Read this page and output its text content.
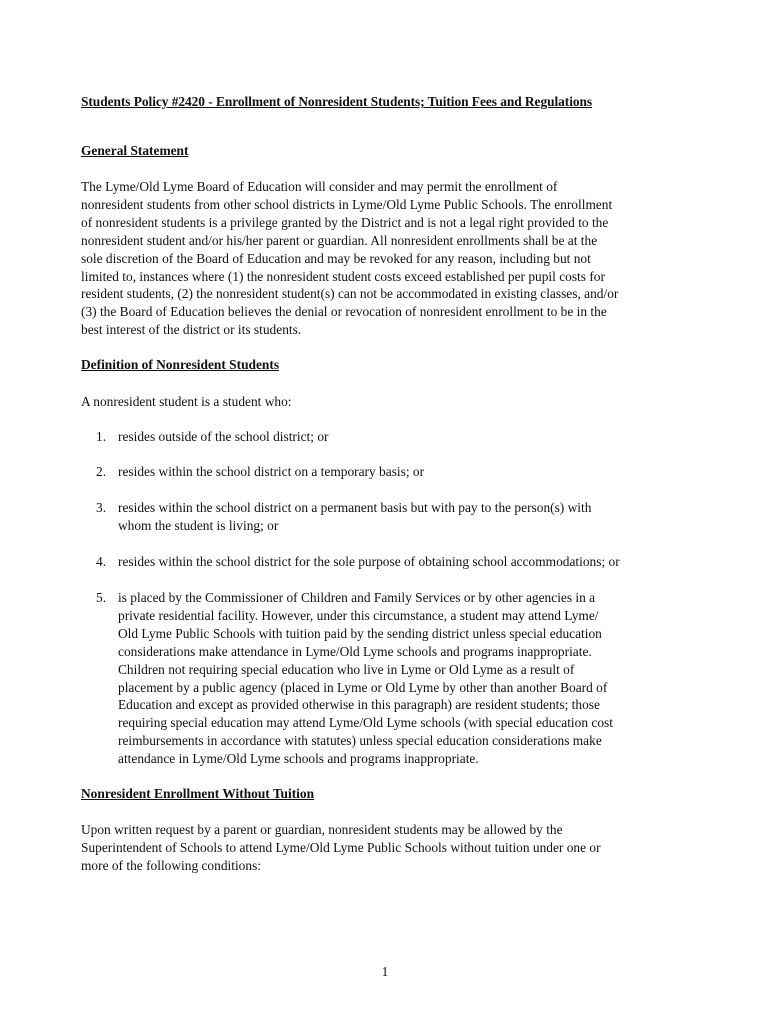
Students Policy #2420 - Enrollment of Nonresident Students; Tuition Fees and Regulations
General Statement
The Lyme/Old Lyme Board of Education will consider and may permit the enrollment of
nonresident students from other school districts in Lyme/Old Lyme Public Schools. The enrollment
of nonresident students is a privilege granted by the District and is not a legal right provided to the
nonresident student and/or his/her parent or guardian. All nonresident enrollments shall be at the
sole discretion of the Board of Education and may be revoked for any reason, including but not
limited to, instances where (1) the nonresident student costs exceed established per pupil costs for
resident students, (2) the nonresident student(s) can not be accommodated in existing classes, and/or
(3) the Board of Education believes the denial or revocation of nonresident enrollment to be in the
best interest of the district or its students.
Definition of Nonresident Students
A nonresident student is a student who:
1. resides outside of the school district; or
2. resides within the school district on a temporary basis; or
3. resides within the school district on a permanent basis but with pay to the person(s) with
whom the student is living; or
4. resides within the school district for the sole purpose of obtaining school accommodations; or
5. is placed by the Commissioner of Children and Family Services or by other agencies in a
private residential facility. However, under this circumstance, a student may attend Lyme/
Old Lyme Public Schools with tuition paid by the sending district unless special education
considerations make attendance in Lyme/Old Lyme schools and programs inappropriate.
Children not requiring special education who live in Lyme or Old Lyme as a result of
placement by a public agency (placed in Lyme or Old Lyme by other than another Board of
Education and except as provided otherwise in this paragraph) are resident students; those
requiring special education may attend Lyme/Old Lyme schools (with special education cost
reimbursements in accordance with statutes) unless special education considerations make
attendance in Lyme/Old Lyme schools and programs inappropriate.
Nonresident Enrollment Without Tuition
Upon written request by a parent or guardian, nonresident students may be allowed by the
Superintendent of Schools to attend Lyme/Old Lyme Public Schools without tuition under one or
more of the following conditions:
1
